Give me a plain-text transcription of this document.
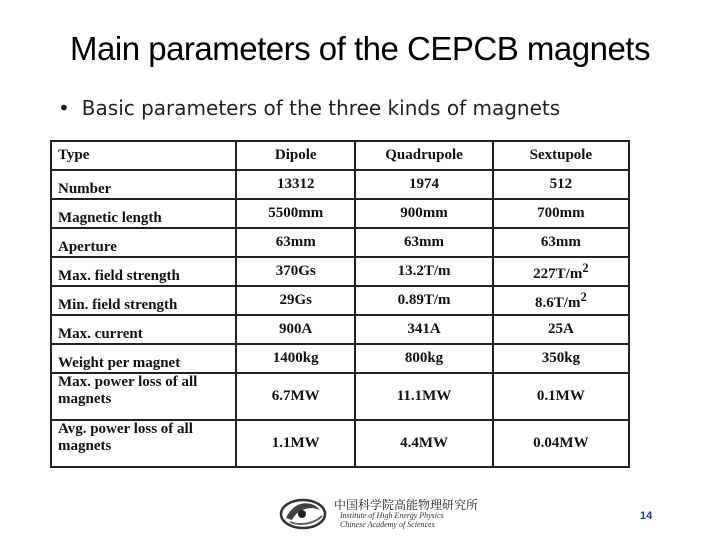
Main parameters of the CEPCB magnets
• Basic parameters of the three kinds of magnets
Type	Dipole	Quadrupole	Sextupole
Number	13312	1974	512
Magnetic length	5500mm	900mm	700mm
Aperture	63mm	63mm	63mm
Max. field strength	370Gs	13.2T/m	$227T/m^2$
Min. field strength	29Gs	0.89T/m	$8.6T/m^2$
Max. current	900A	341A	25A
Weight per magnet	1400kg	800kg	350kg

Max. power loss of all
magnets	6.7MW	11.1MW	0.1MW

Avg. power loss of all
magnets	1.1MW	4.4MW	0.04MW
中国科学院高能物理研究所
Institute of High Energy Physics
Chinese Academy of Sciences
14
